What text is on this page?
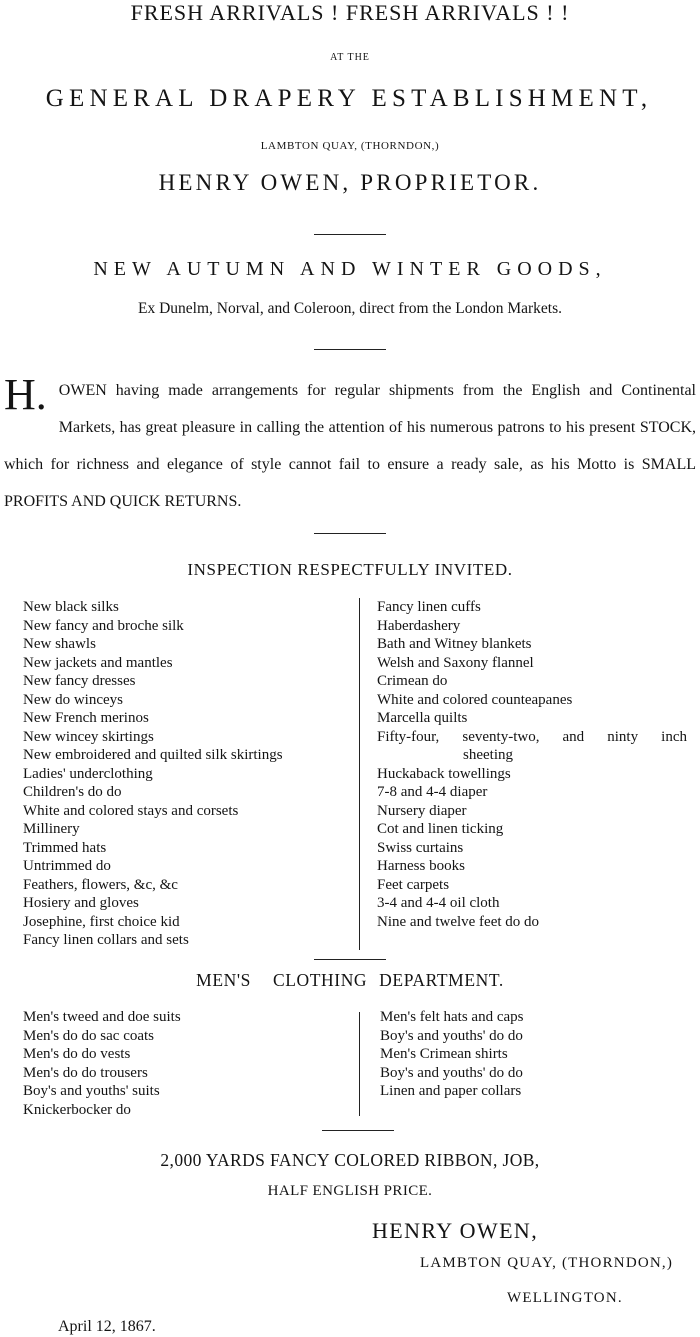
FRESH ARRIVALS ! FRESH ARRIVALS ! !
AT THE
GENERAL DRAPERY ESTABLISHMENT,
LAMBTON QUAY, (THORNDON,)
HENRY OWEN, PROPRIETOR.
NEW AUTUMN AND WINTER GOODS,
Ex Dunelm, Norval, and Coleroon, direct from the London Markets.
H. OWEN having made arrangements for regular shipments from the English and Continental Markets, has great pleasure in calling the attention of his numerous patrons to his present STOCK, which for richness and elegance of style cannot fail to ensure a ready sale, as his Motto is SMALL PROFITS AND QUICK RETURNS.
INSPECTION RESPECTFULLY INVITED.
New black silks
New fancy and broche silk
New shawls
New jackets and mantles
New fancy dresses
New do winceys
New French merinos
New wincey skirtings
New embroidered and quilted silk skirtings
Ladies' underclothing
Children's do do
White and colored stays and corsets
Millinery
Trimmed hats
Untrimmed do
Feathers, flowers, &c, &c
Hosiery and gloves
Josephine, first choice kid
Fancy linen collars and sets
Fancy linen cuffs
Haberdashery
Bath and Witney blankets
Welsh and Saxony flannel
Crimean do
White and colored counteapanes
Marcella quilts
Fifty-four, seventy-two, and ninty inch
sheeting
Huckaback towellings
7-8 and 4-4 diaper
Nursery diaper
Cot and linen ticking
Swiss curtains
Harness books
Feet carpets
3-4 and 4-4 oil cloth
Nine and twelve feet do do
MEN'S CLOTHING DEPARTMENT.
Men's tweed and doe suits
Men's do do sac coats
Men's do do vests
Men's do do trousers
Boy's and youths' suits
Knickerbocker do
Men's felt hats and caps
Boy's and youths' do do
Men's Crimean shirts
Boy's and youths' do do
Linen and paper collars
2,000 YARDS FANCY COLORED RIBBON, JOB,
HALF ENGLISH PRICE.
HENRY OWEN,
LAMBTON QUAY, (THORNDON,)
WELLINGTON.
April 12, 1867.
